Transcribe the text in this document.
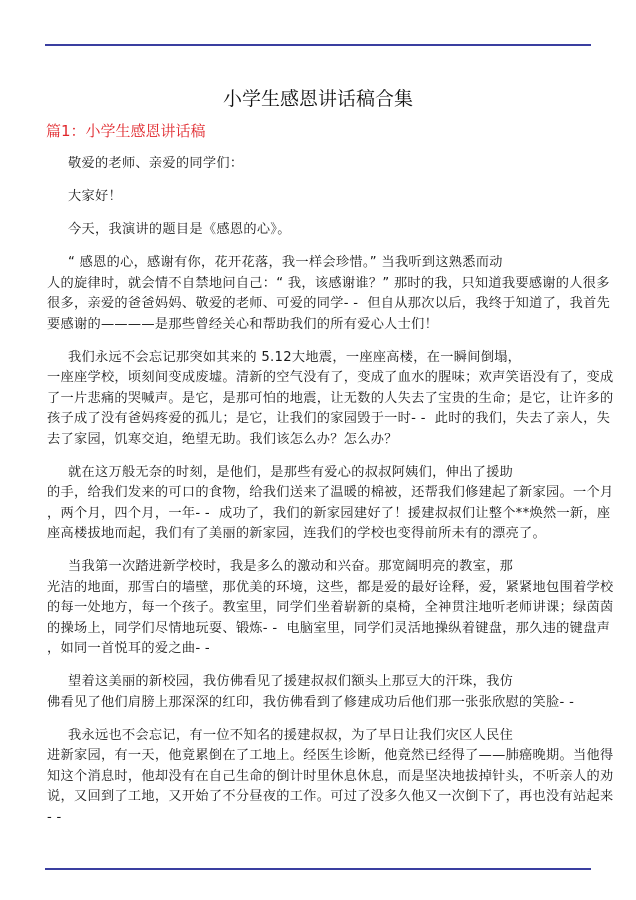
小学生感恩讲话稿合集
篇1：小学生感恩讲话稿
敬爱的老师、亲爱的同学们：
大家好！
今天，我演讲的题目是《感恩的心》。
“ 感恩的心，感谢有你，花开花落，我一样会珍惜。” 当我听到这熟悉而动
人的旋律时，就会情不自禁地问自己：“ 我，该感谢谁？” 那时的我，只知道我要感谢的人很多
很多，亲爱的爸爸妈妈、敬爱的老师、可爱的同学- -  但自从那次以后，我终于知道了，我首先
要感谢的————是那些曾经关心和帮助我们的所有爱心人士们！
我们永远不会忘记那突如其来的 5.12大地震，一座座高楼，在一瞬间倒塌，
一座座学校，顷刻间变成废墟。清新的空气没有了，变成了血水的腥味；欢声笑语没有了，变成
了一片悲痛的哭喊声。是它，是那可怕的地震，让无数的人失去了宝贵的生命；是它，让许多的
孩子成了没有爸妈疼爱的孤儿；是它，让我们的家园毁于一时- -  此时的我们，失去了亲人，失
去了家园，饥寒交迫，绝望无助。我们该怎么办？怎么办？
就在这万般无奈的时刻，是他们，是那些有爱心的叔叔阿姨们，伸出了援助
的手，给我们发来的可口的食物，给我们送来了温暖的棉被，还帮我们修建起了新家园。一个月
，两个月，四个月，一年- -  成功了，我们的新家园建好了！援建叔叔们让整个**焕然一新，座
座高楼拔地而起，我们有了美丽的新家园，连我们的学校也变得前所未有的漂亮了。
当我第一次踏进新学校时，我是多么的激动和兴奋。那宽阔明亮的教室，那
光洁的地面，那雪白的墙壁，那优美的环境，这些，都是爱的最好诠释，爱，紧紧地包围着学校
的每一处地方，每一个孩子。教室里，同学们坐着崭新的桌椅，全神贯注地听老师讲课；绿茵茵
的操场上，同学们尽情地玩耍、锻炼- -  电脑室里，同学们灵活地操纵着键盘，那久违的键盘声
，如同一首悦耳的爱之曲- -
望着这美丽的新校园，我仿佛看见了援建叔叔们额头上那豆大的汗珠，我仿
佛看见了他们肩膀上那深深的红印，我仿佛看到了修建成功后他们那一张张欣慰的笑脸- -
我永远也不会忘记，有一位不知名的援建叔叔，为了早日让我们灾区人民住
进新家园，有一天，他竟累倒在了工地上。经医生诊断，他竟然已经得了——肺癌晚期。当他得
知这个消息时，他却没有在自己生命的倒计时里休息休息，而是坚决地拔掉针头，不听亲人的劝
说，又回到了工地，又开始了不分昼夜的工作。可过了没多久他又一次倒下了，再也没有站起来
- -
